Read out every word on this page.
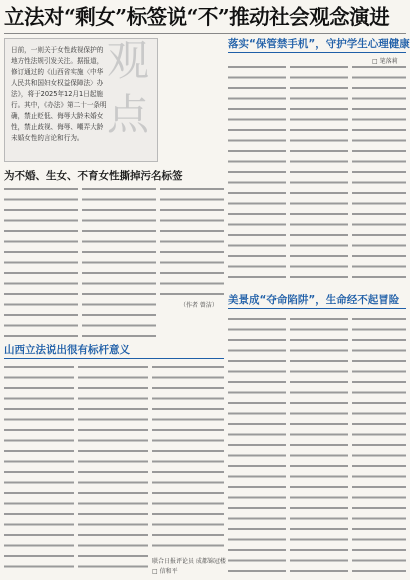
立法对“剩女”标签说“不”推动社会观念演进
日前，一则关于女性歧视保护的地方性法规引发关注。据报道，修订通过的《山西省实施〈中华人民共和国妇女权益保障法〉办法》，将于2025年12月1日起施行。其中，《办法》第二十一条明确，禁止贬低、侮辱大龄未婚女性，禁止歧视、侮辱、嘲弄大龄未婚女性的言论和行为。
观点
为不婚、生女、不育女性撕掉污名标签
（作者 曾洁）
落实“保管禁手机”，守护学生心理健康
□ 笔落莉
美景成“夺命陷阱”，生命经不起冒险
山西立法说出很有标杆意义
联合日报评论员 成都锦冠楼
□ 信和平
